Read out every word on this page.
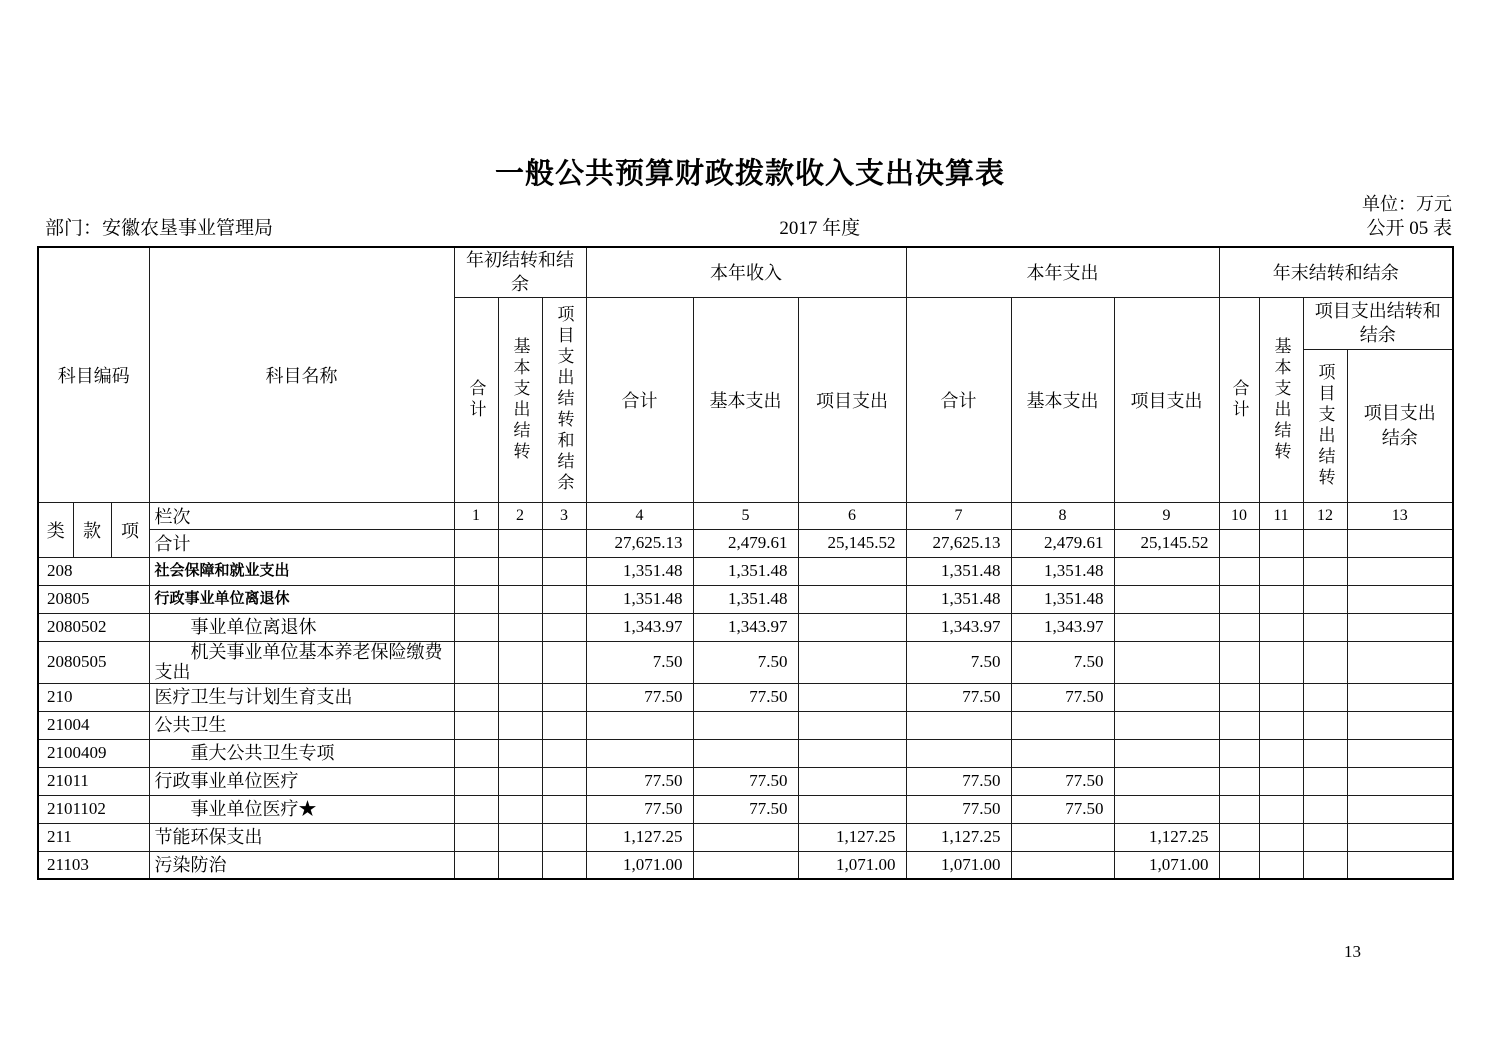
一般公共预算财政拨款收入支出决算表
单位：万元
部门：安徽农垦事业管理局	2017 年度	公开 05 表
科目编码			科目名称	年初结转和结余			本年收入			本年支出			年末结转和结余			

				合计	基本支出结转	项目支出结转和结余	合计	基本支出	项目支出	合计	基本支出	项目支出	合计	基本支出结转	项目支出结转和结余	

															项目支出结转	项目支出结余

类	款	项	栏次	1	2	3	4	5	6	7	8	9	10	11	12	13
			合计				27,625.13	2,479.61	25,145.52	27,625.13	2,479.61	25,145.52				
208			社会保障和就业支出				1,351.48	1,351.48		1,351.48	1,351.48					
20805			行政事业单位离退休				1,351.48	1,351.48		1,351.48	1,351.48					
2080502			事业单位离退休				1,343.97	1,343.97		1,343.97	1,343.97					
2080505			机关事业单位基本养老保险缴费支出				7.50	7.50		7.50	7.50					
210			医疗卫生与计划生育支出				77.50	77.50		77.50	77.50					
21004			公共卫生													
2100409			重大公共卫生专项													
21011			行政事业单位医疗				77.50	77.50		77.50	77.50					
2101102			事业单位医疗★				77.50	77.50		77.50	77.50					
211			节能环保支出				1,127.25		1,127.25	1,127.25		1,127.25				
21103			污染防治				1,071.00		1,071.00	1,071.00		1,071.00				
13
